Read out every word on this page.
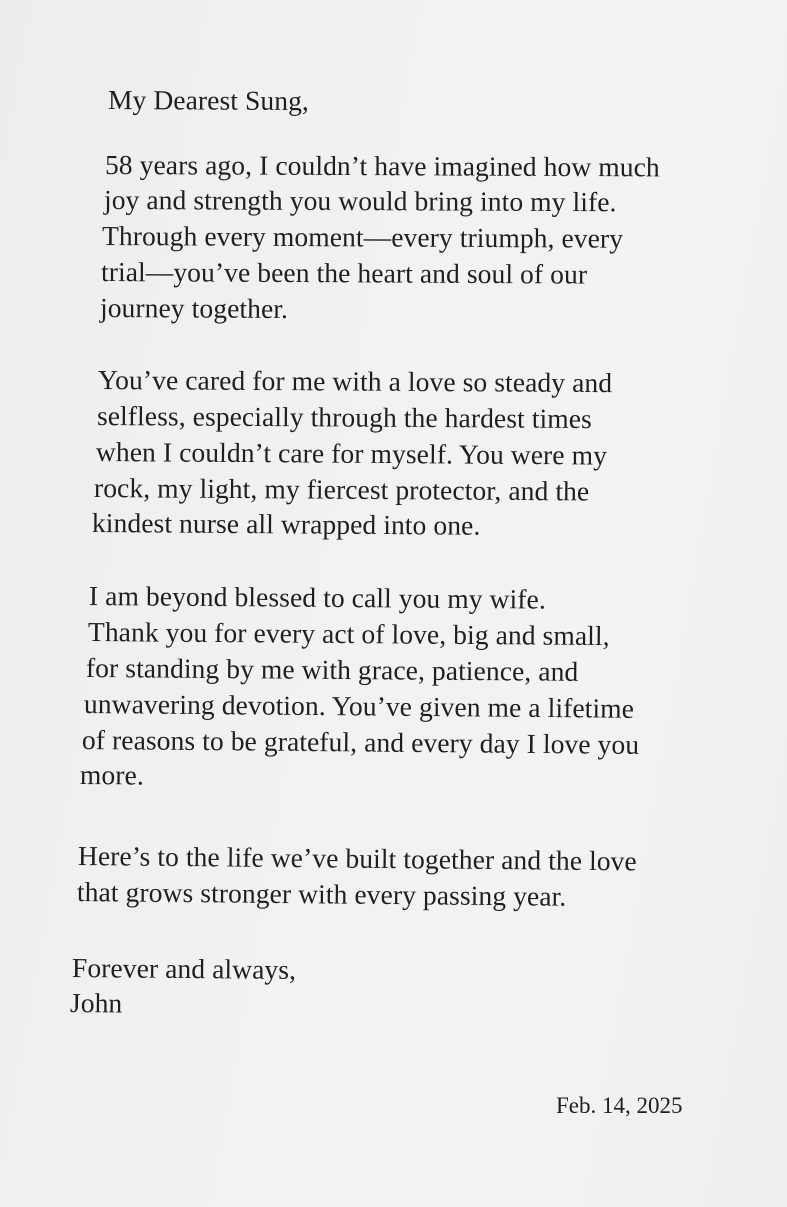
My Dearest Sung,
58 years ago, I couldn’t have imagined how much
joy and strength you would bring into my life.
Through every moment—every triumph, every
trial—you’ve been the heart and soul of our
journey together.
You’ve cared for me with a love so steady and
selfless, especially through the hardest times
when I couldn’t care for myself. You were my
rock, my light, my fiercest protector, and the
kindest nurse all wrapped into one.
I am beyond blessed to call you my wife.
Thank you for every act of love, big and small,
for standing by me with grace, patience, and
unwavering devotion. You’ve given me a lifetime
of reasons to be grateful, and every day I love you
more.
Here’s to the life we’ve built together and the love
that grows stronger with every passing year.
Forever and always,
John
Feb. 14, 2025
